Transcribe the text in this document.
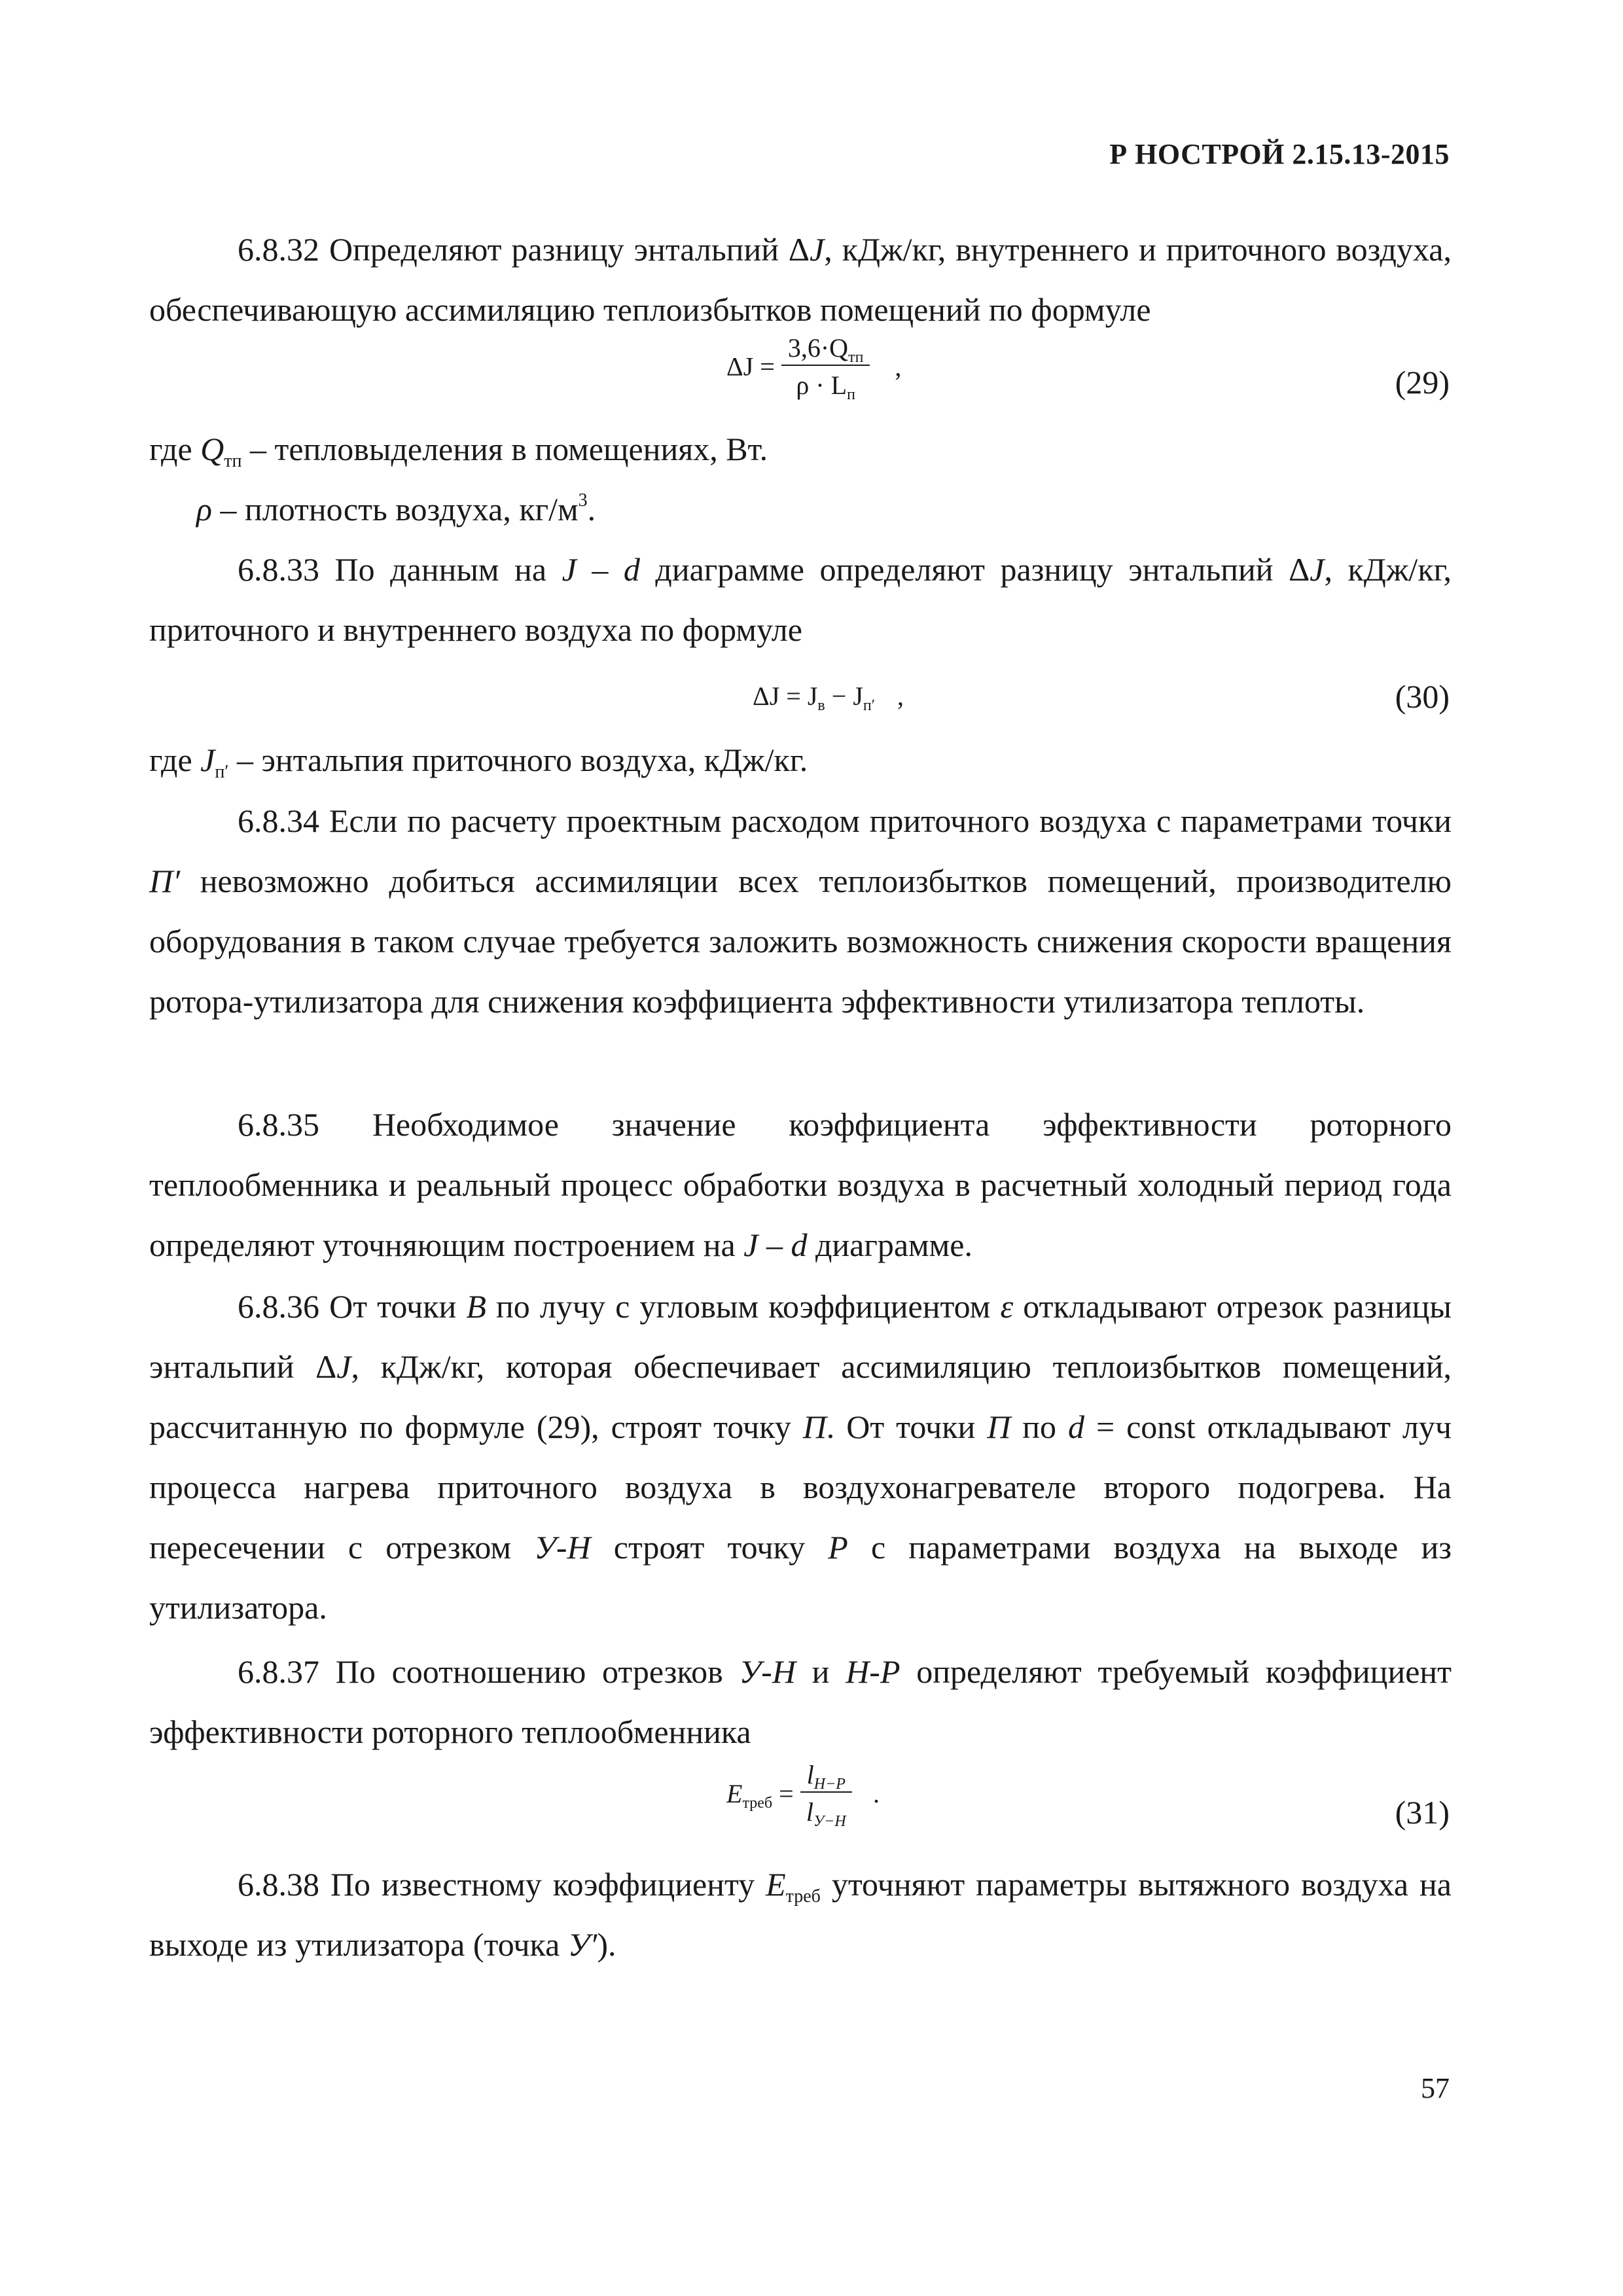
Р НОСТРОЙ 2.15.13-2015

6.8.32 Определяют разницу энтальпий ΔJ, кДж/кг, внутреннего и приточного воздуха, обеспечивающую ассимиляцию теплоизбытков помещений по формуле

$\Delta J = \frac{3,6\cdot Q_{тп}}{\rho \cdot L_п}$ ,	(29)

где $Q_{тп}$ – тепловыделения в помещениях, Вт.

ρ – плотность воздуха, $кг/м^3$.

6.8.33 По данным на J – d диаграмме определяют разницу энтальпий ΔJ, кДж/кг, приточного и внутреннего воздуха по формуле

$\Delta J = J_в - J_{п'}$ ,	(30)

где $J_{п'}$ – энтальпия приточного воздуха, кДж/кг.

6.8.34 Если по расчету проектным расходом приточного воздуха с параметрами точки П′ невозможно добиться ассимиляции всех теплоизбытков помещений, производителю оборудования в таком случае требуется заложить возможность снижения скорости вращения ротора-утилизатора для снижения коэффициента эффективности утилизатора теплоты.

6.8.35 Необходимое значение коэффициента эффективности роторного теплообменника и реальный процесс обработки воздуха в расчетный холодный период года определяют уточняющим построением на J – d диаграмме.

6.8.36 От точки В по лучу с угловым коэффициентом ε откладывают отрезок разницы энтальпий ΔJ, кДж/кг, которая обеспечивает ассимиляцию теплоизбытков помещений, рассчитанную по формуле (29), строят точку П. От точки П по d = const откладывают луч процесса нагрева приточного воздуха в воздухонагревателе второго подогрева. На пересечении с отрезком У-Н строят точку Р с параметрами воздуха на выходе из утилизатора.

6.8.37 По соотношению отрезков У-Н и Н-Р определяют требуемый коэффициент эффективности роторного теплообменника

$E_{треб} = \frac{l_{Н-Р}}{l_{У-Н}}$ .
(31)

6.8.38 По известному коэффициенту $E_{треб}$ уточняют параметры вытяжного воздуха на выходе из утилизатора (точка У′).

57
